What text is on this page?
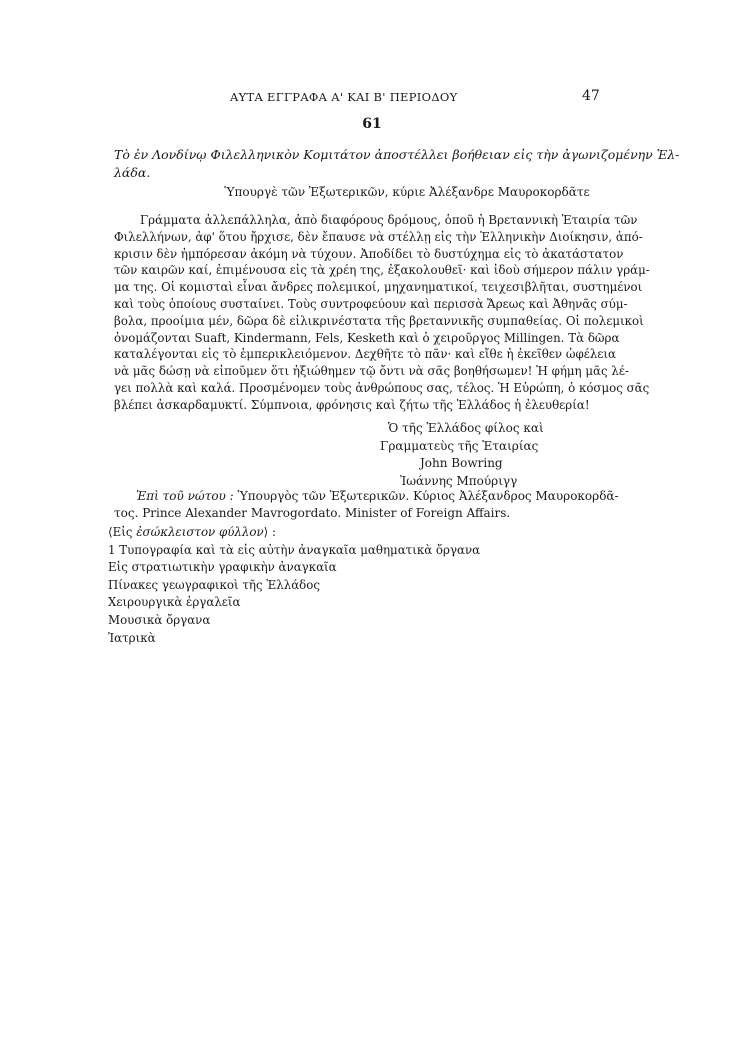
ΑΥΤΑ ΕΓΓΡΑΦΑ Α' ΚΑΙ Β' ΠΕΡΙΟΔΟΥ	47
61
Τὸ ἐν Λονδίνῳ Φιλελληνικὸν Κομιτάτον ἀποστέλλει βοήθειαν εἰς τὴν ἀγωνιζομένην Ἑλ-
λάδα.
Ὑπουργὲ τῶν Ἐξωτερικῶν, κύριε Ἀλέξανδρε Μαυροκορδᾶτε
Γράμματα ἀλλεπάλληλα, ἀπὸ διαφόρους δρόμους, ὁποῦ ἡ Βρεταννικὴ Ἑταιρία τῶν
Φιλελλήνων, ἀφ' ὅτου ἤρχισε, δὲν ἔπαυσε νὰ στέλλῃ εἰς τὴν Ἑλληνικὴν Διοίκησιν, ἀπό-
κρισιν δὲν ἠμπόρεσαν ἀκόμη νὰ τύχουν. Ἀποδίδει τὸ δυστύχημα εἰς τὸ ἀκατάστατον
τῶν καιρῶν καί, ἐπιμένουσα εἰς τὰ χρέη της, ἐξακολουθεῖ· καὶ ἰδοὺ σήμερον πάλιν γράμ-
μα της. Οἱ κομισταὶ εἶναι ἄνδρες πολεμικοί, μηχανηματικοί, τειχεσιβλῆται, συστημένοι
καὶ τοὺς ὁποίους συσταίνει. Τοὺς συντροφεύουν καὶ περισσὰ Ἄρεως καὶ Ἀθηνᾶς σύμ-
βολα, προοίμια μέν, δῶρα δὲ εἰλικρινέστατα τῆς βρεταννικῆς συμπαθείας. Οἱ πολεμικοὶ
ὀνομάζονται Suaft, Kindermann, Fels, Kesketh καὶ ὁ χειροῦργος Millingen. Τὰ δῶρα
καταλέγονται εἰς τὸ ἐμπερικλειόμενον. Δεχθῆτε τὸ πᾶν· καὶ εἴθε ἡ ἐκεῖθεν ὠφέλεια
νὰ μᾶς δώσῃ νὰ εἰποῦμεν ὅτι ἠξιώθημεν τῷ ὄντι νὰ σᾶς βοηθήσωμεν! Ἡ φήμη μᾶς λέ-
γει πολλὰ καὶ καλά. Προσμένομεν τοὺς ἀνθρώπους σας, τέλος. Ἡ Εὐρώπη, ὁ κόσμος σᾶς
βλέπει ἀσκαρδαμυκτί. Σύμπνοια, φρόνησις καὶ ζήτω τῆς Ἑλλάδος ἡ ἐλευθερία!
Ὁ τῆς Ἑλλάδος φίλος καὶ
Γραμματεὺς τῆς Ἑταιρίας
John Bowring
Ἰωάννης Μπούριγγ
Ἐπὶ τοῦ νώτου : Ὑπουργὸς τῶν Ἐξωτερικῶν. Κύριος Ἀλέξανδρος Μαυροκορδᾶ-
τος. Prince Alexander Mavrogordato. Minister of Foreign Affairs.
⟨Εἰς ἐσώκλειστον φύλλον⟩ :
1 Τυπογραφία καὶ τὰ εἰς αὐτὴν ἀναγκαῖα μαθηματικὰ ὄργανα
Εἰς στρατιωτικὴν γραφικὴν ἀναγκαῖα
Πίνακες γεωγραφικοὶ τῆς Ἑλλάδος
Χειρουργικὰ ἐργαλεῖα
Μουσικὰ ὄργανα
Ἰατρικὰ
